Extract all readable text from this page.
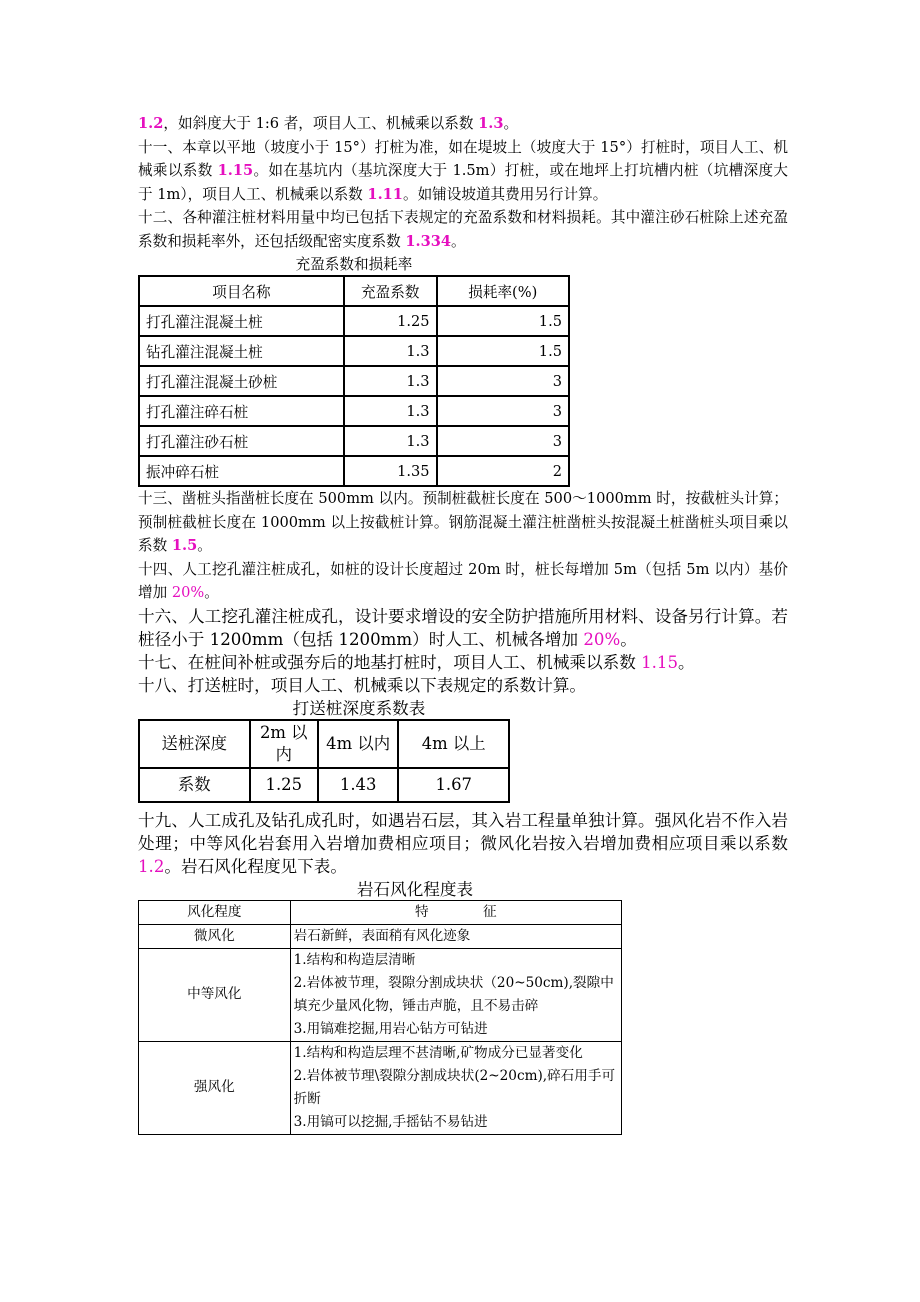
1.2，如斜度大于 1:6 者，项目人工、机械乘以系数 1.3。

十一、本章以平地（坡度小于 15°）打桩为准，如在堤坡上（坡度大于 15°）打桩时，项目人工、机械乘以系数 1.15。如在基坑内（基坑深度大于 1.5m）打桩，或在地坪上打坑槽内桩（坑槽深度大于 1m），项目人工、机械乘以系数 1.11。如铺设坡道其费用另行计算。

十二、各种灌注桩材料用量中均已包括下表规定的充盈系数和材料损耗。其中灌注砂石桩除上述充盈系数和损耗率外，还包括级配密实度系数 1.334。

充盈系数和损耗率
项目名称	充盈系数	损耗率(%)
打孔灌注混凝土桩	1.25	1.5
钻孔灌注混凝土桩	1.3	1.5
打孔灌注混凝土砂桩	1.3	3
打孔灌注碎石桩	1.3	3
打孔灌注砂石桩	1.3	3
振冲碎石桩	1.35	2

十三、凿桩头指凿桩长度在 500mm 以内。预制桩截桩长度在 500～1000mm 时，按截桩头计算；预制桩截桩长度在 1000mm 以上按截桩计算。钢筋混凝土灌注桩凿桩头按混凝土桩凿桩头项目乘以系数 1.5。

十四、人工挖孔灌注桩成孔，如桩的设计长度超过 20m 时，桩长每增加 5m（包括 5m 以内）基价增加 20%。

十六、人工挖孔灌注桩成孔，设计要求增设的安全防护措施所用材料、设备另行计算。若桩径小于 1200mm（包括 1200mm）时人工、机械各增加 20%。

十七、在桩间补桩或强夯后的地基打桩时，项目人工、机械乘以系数 1.15。

十八、打送桩时，项目人工、机械乘以下表规定的系数计算。

打送桩深度系数表
送桩深度	2m 以内	4m 以内	4m 以上
系数	1.25	1.43	1.67

十九、人工成孔及钻孔成孔时，如遇岩石层，其入岩工程量单独计算。强风化岩不作入岩处理；中等风化岩套用入岩增加费相应项目；微风化岩按入岩增加费相应项目乘以系数 1.2。岩石风化程度见下表。

岩石风化程度表
风化程度	特　　　　征
微风化	岩石新鲜，表面稍有风化迹象

中等风化	1.结构和构造层清晰
2.岩体被节理，裂隙分割成块状（20~50cm),裂隙中填充少量风化物，锤击声脆，且不易击碎
3.用镐难挖掘,用岩心钻方可钻进

强风化	1.结构和构造层理不甚清晰,矿物成分已显著变化
2.岩体被节理\裂隙分割成块状(2~20cm),碎石用手可折断
3.用镐可以挖掘,手摇钻不易钻进
